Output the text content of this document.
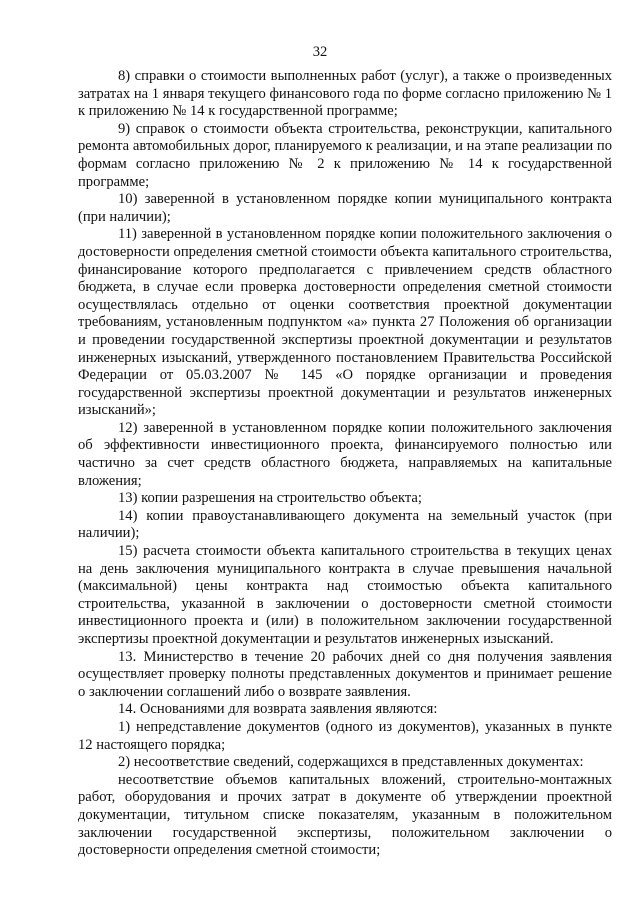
32

8) справки о стоимости выполненных работ (услуг), а также о произведенных затратах на 1 января текущего финансового года по форме согласно приложению № 1 к приложению № 14 к государственной программе;

9) справок о стоимости объекта строительства, реконструкции, капитального ремонта автомобильных дорог, планируемого к реализации, и на этапе реализации по формам согласно приложению № 2 к приложению № 14 к государственной программе;

10) заверенной в установленном порядке копии муниципального контракта (при наличии);

11) заверенной в установленном порядке копии положительного заключения о достоверности определения сметной стоимости объекта капитального строительства, финансирование которого предполагается с привлечением средств областного бюджета, в случае если проверка достоверности определения сметной стоимости осуществлялась отдельно от оценки соответствия проектной документации требованиям, установленным подпунктом «а» пункта 27 Положения об организации и проведении государственной экспертизы проектной документации и результатов инженерных изысканий, утвержденного постановлением Правительства Российской Федерации от 05.03.2007 № 145 «О порядке организации и проведения государственной экспертизы проектной документации и результатов инженерных изысканий»;

12) заверенной в установленном порядке копии положительного заключения об эффективности инвестиционного проекта, финансируемого полностью или частично за счет средств областного бюджета, направляемых на капитальные вложения;

13) копии разрешения на строительство объекта;

14) копии правоустанавливающего документа на земельный участок (при наличии);

15) расчета стоимости объекта капитального строительства в текущих ценах на день заключения муниципального контракта в случае превышения начальной (максимальной) цены контракта над стоимостью объекта капитального строительства, указанной в заключении о достоверности сметной стоимости инвестиционного проекта и (или) в положительном заключении государственной экспертизы проектной документации и результатов инженерных изысканий.

13. Министерство в течение 20 рабочих дней со дня получения заявления осуществляет проверку полноты представленных документов и принимает решение о заключении соглашений либо о возврате заявления.

14. Основаниями для возврата заявления являются:

1) непредставление документов (одного из документов), указанных в пункте 12 настоящего порядка;

2) несоответствие сведений, содержащихся в представленных документах:

несоответствие объемов капитальных вложений, строительно-монтажных работ, оборудования и прочих затрат в документе об утверждении проектной документации, титульном списке показателям, указанным в положительном заключении государственной экспертизы, положительном заключении о достоверности определения сметной стоимости;
